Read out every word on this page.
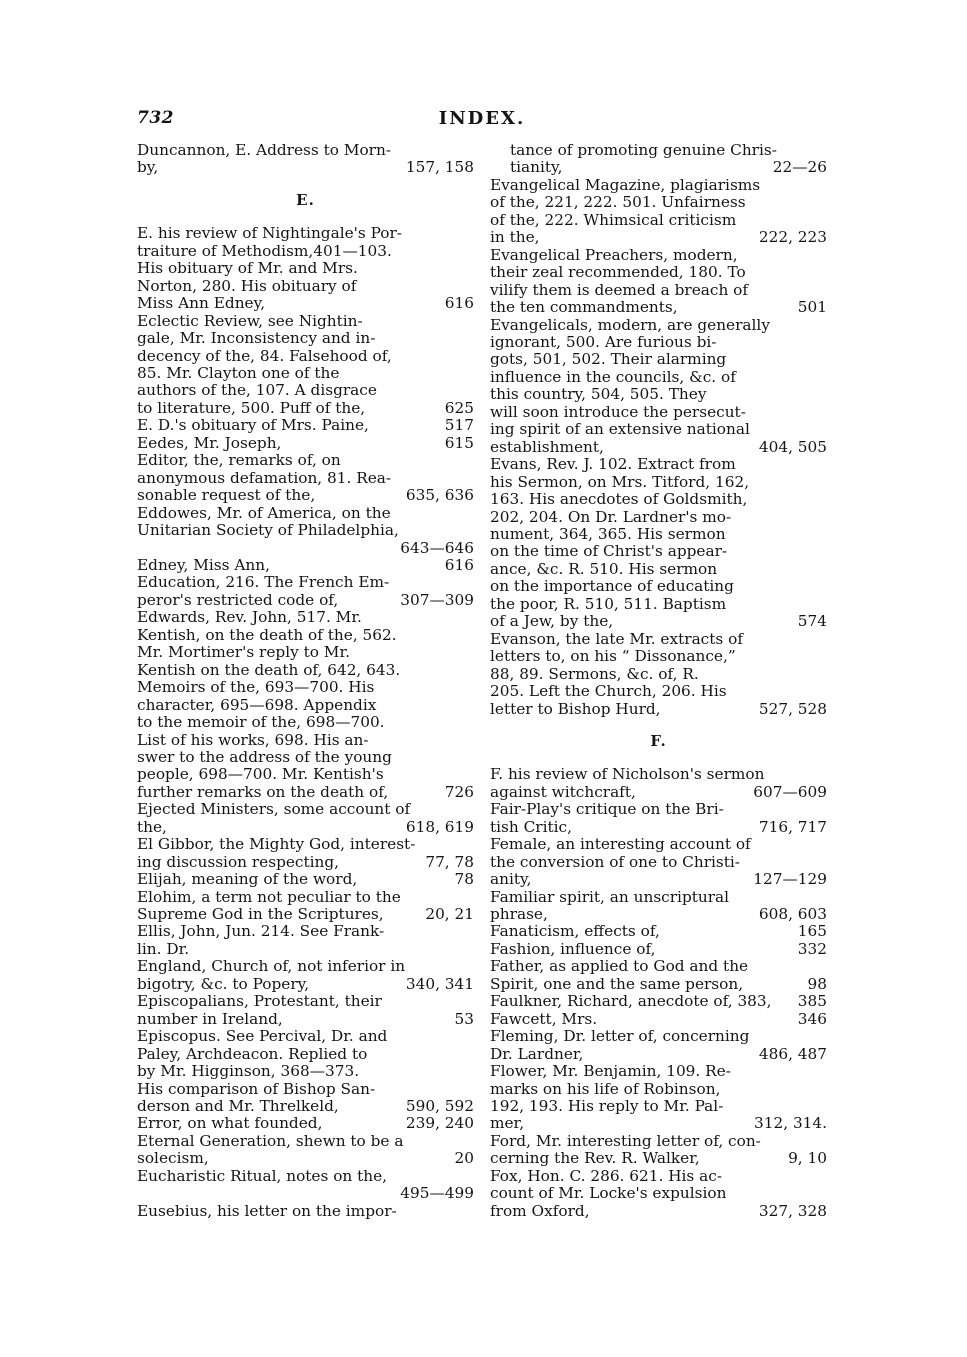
732	INDEX.
Duncannon, E. Address to Morn-
by,	157, 158
E.
E. his review of Nightingale's Por-
traiture of Methodism,401—103.
His obituary of Mr. and Mrs.
Norton, 280. His obituary of
Miss Ann Edney,	616
Eclectic Review, see Nightin-
gale, Mr. Inconsistency and in-
decency of the, 84. Falsehood of,
85. Mr. Clayton one of the
authors of the, 107. A disgrace
to literature, 500. Puff of the,	625
E. D.'s obituary of Mrs. Paine,	517
Eedes, Mr. Joseph,	615
Editor, the, remarks of, on
anonymous defamation, 81. Rea-
sonable request of the,	635, 636
Eddowes, Mr. of America, on the
Unitarian Society of Philadelphia,

643—646
Edney, Miss Ann,	616
Education, 216. The French Em-
peror's restricted code of,	307—309
Edwards, Rev. John, 517. Mr.
Kentish, on the death of the, 562.
Mr. Mortimer's reply to Mr.
Kentish on the death of, 642, 643.
Memoirs of the, 693—700. His
character, 695—698. Appendix
to the memoir of the, 698—700.
List of his works, 698. His an-
swer to the address of the young
people, 698—700. Mr. Kentish's
further remarks on the death of,	726
Ejected Ministers, some account of
the,	618, 619
El Gibbor, the Mighty God, interest-
ing discussion respecting,	77, 78
Elijah, meaning of the word,	78
Elohim, a term not peculiar to the
Supreme God in the Scriptures,	20, 21
Ellis, John, Jun. 214. See Frank-
lin. Dr.
England, Church of, not inferior in
bigotry, &c. to Popery,	340, 341
Episcopalians, Protestant, their
number in Ireland,	53
Episcopus. See Percival, Dr. and
Paley, Archdeacon. Replied to
by Mr. Higginson, 368—373.
His comparison of Bishop San-
derson and Mr. Threlkeld,	590, 592
Error, on what founded,	239, 240
Eternal Generation, shewn to be a
solecism,	20
Eucharistic Ritual, notes on the,

495—499
Eusebius, his letter on the impor-
tance of promoting genuine Chris-
tianity,	22—26
Evangelical Magazine, plagiarisms
of the, 221, 222. 501. Unfairness
of the, 222. Whimsical criticism
in the,	222, 223
Evangelical Preachers, modern,
their zeal recommended, 180. To
vilify them is deemed a breach of
the ten commandments,	501
Evangelicals, modern, are generally
ignorant, 500. Are furious bi-
gots, 501, 502. Their alarming
influence in the councils, &c. of
this country, 504, 505. They
will soon introduce the persecut-
ing spirit of an extensive national
establishment,	404, 505
Evans, Rev. J. 102. Extract from
his Sermon, on Mrs. Titford, 162,
163. His anecdotes of Goldsmith,
202, 204. On Dr. Lardner's mo-
nument, 364, 365. His sermon
on the time of Christ's appear-
ance, &c. R. 510. His sermon
on the importance of educating
the poor, R. 510, 511. Baptism
of a Jew, by the,	574
Evanson, the late Mr. extracts of
letters to, on his “ Dissonance,”
88, 89. Sermons, &c. of, R.
205. Left the Church, 206. His
letter to Bishop Hurd,	527, 528
F.
F. his review of Nicholson's sermon
against witchcraft,	607—609
Fair-Play's critique on the Bri-
tish Critic,	716, 717
Female, an interesting account of
the conversion of one to Christi-
anity,	127—129
Familiar spirit, an unscriptural
phrase,	608, 603
Fanaticism, effects of,	165
Fashion, influence of,	332
Father, as applied to God and the
Spirit, one and the same person,	98
Faulkner, Richard, anecdote of, 383, 385
Fawcett, Mrs.	346
Fleming, Dr. letter of, concerning
Dr. Lardner,	486, 487
Flower, Mr. Benjamin, 109. Re-
marks on his life of Robinson,
192, 193. His reply to Mr. Pal-
mer,	312, 314.
Ford, Mr. interesting letter of, con-
cerning the Rev. R. Walker,	9, 10
Fox, Hon. C. 286. 621. His ac-
count of Mr. Locke's expulsion
from Oxford,	327, 328
